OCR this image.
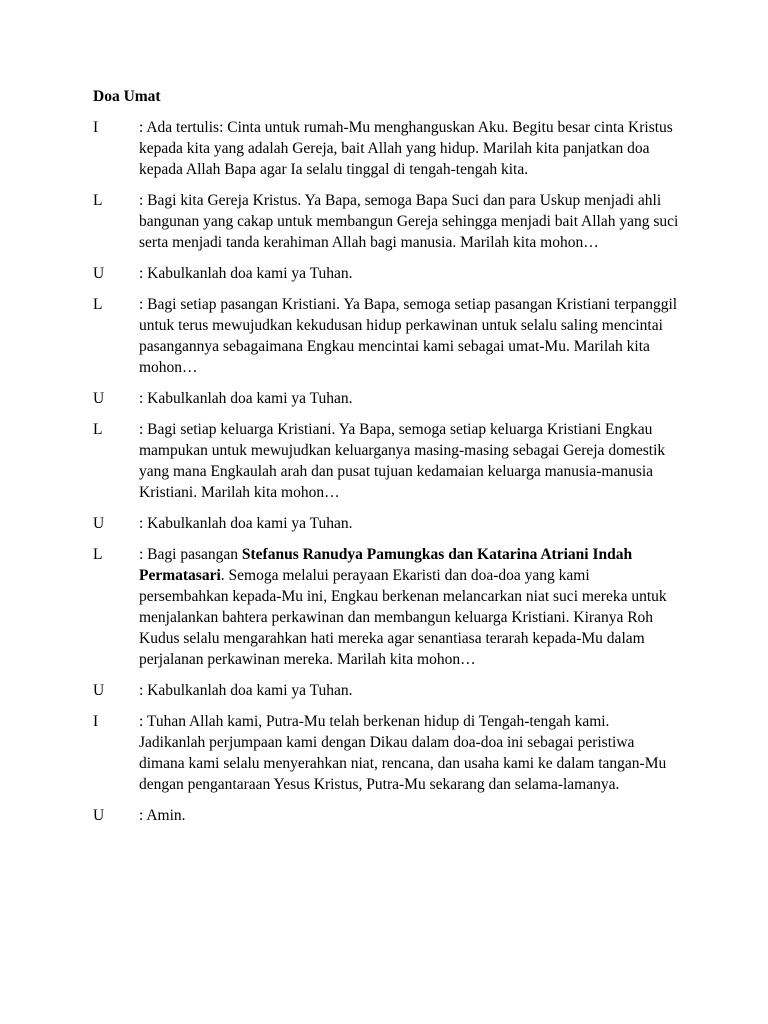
Doa Umat
I	: Ada tertulis: Cinta untuk rumah-Mu menghanguskan Aku. Begitu besar cinta Kristus kepada kita yang adalah Gereja, bait Allah yang hidup. Marilah kita panjatkan doa kepada Allah Bapa agar Ia selalu tinggal di tengah-tengah kita.
L	: Bagi kita Gereja Kristus. Ya Bapa, semoga Bapa Suci dan para Uskup menjadi ahli bangunan yang cakap untuk membangun Gereja sehingga menjadi bait Allah yang suci serta menjadi tanda kerahiman Allah bagi manusia. Marilah kita mohon…
U	: Kabulkanlah doa kami ya Tuhan.
L	: Bagi setiap pasangan Kristiani. Ya Bapa, semoga setiap pasangan Kristiani terpanggil untuk terus mewujudkan kekudusan hidup perkawinan untuk selalu saling mencintai pasangannya sebagaimana Engkau mencintai kami sebagai umat-Mu. Marilah kita mohon…
U	: Kabulkanlah doa kami ya Tuhan.
L	: Bagi setiap keluarga Kristiani. Ya Bapa, semoga setiap keluarga Kristiani Engkau mampukan untuk mewujudkan keluarganya masing-masing sebagai Gereja domestik yang mana Engkaulah arah dan pusat tujuan kedamaian keluarga manusia-manusia Kristiani. Marilah kita mohon…
U	: Kabulkanlah doa kami ya Tuhan.
L	: Bagi pasangan Stefanus Ranudya Pamungkas dan Katarina Atriani Indah Permatasari. Semoga melalui perayaan Ekaristi dan doa-doa yang kami persembahkan kepada-Mu ini, Engkau berkenan melancarkan niat suci mereka untuk menjalankan bahtera perkawinan dan membangun keluarga Kristiani. Kiranya Roh Kudus selalu mengarahkan hati mereka agar senantiasa terarah kepada-Mu dalam perjalanan perkawinan mereka. Marilah kita mohon…
U	: Kabulkanlah doa kami ya Tuhan.
I	: Tuhan Allah kami, Putra-Mu telah berkenan hidup di Tengah-tengah kami. Jadikanlah perjumpaan kami dengan Dikau dalam doa-doa ini sebagai peristiwa dimana kami selalu menyerahkan niat, rencana, dan usaha kami ke dalam tangan-Mu dengan pengantaraan Yesus Kristus, Putra-Mu sekarang dan selama-lamanya.
U	: Amin.
